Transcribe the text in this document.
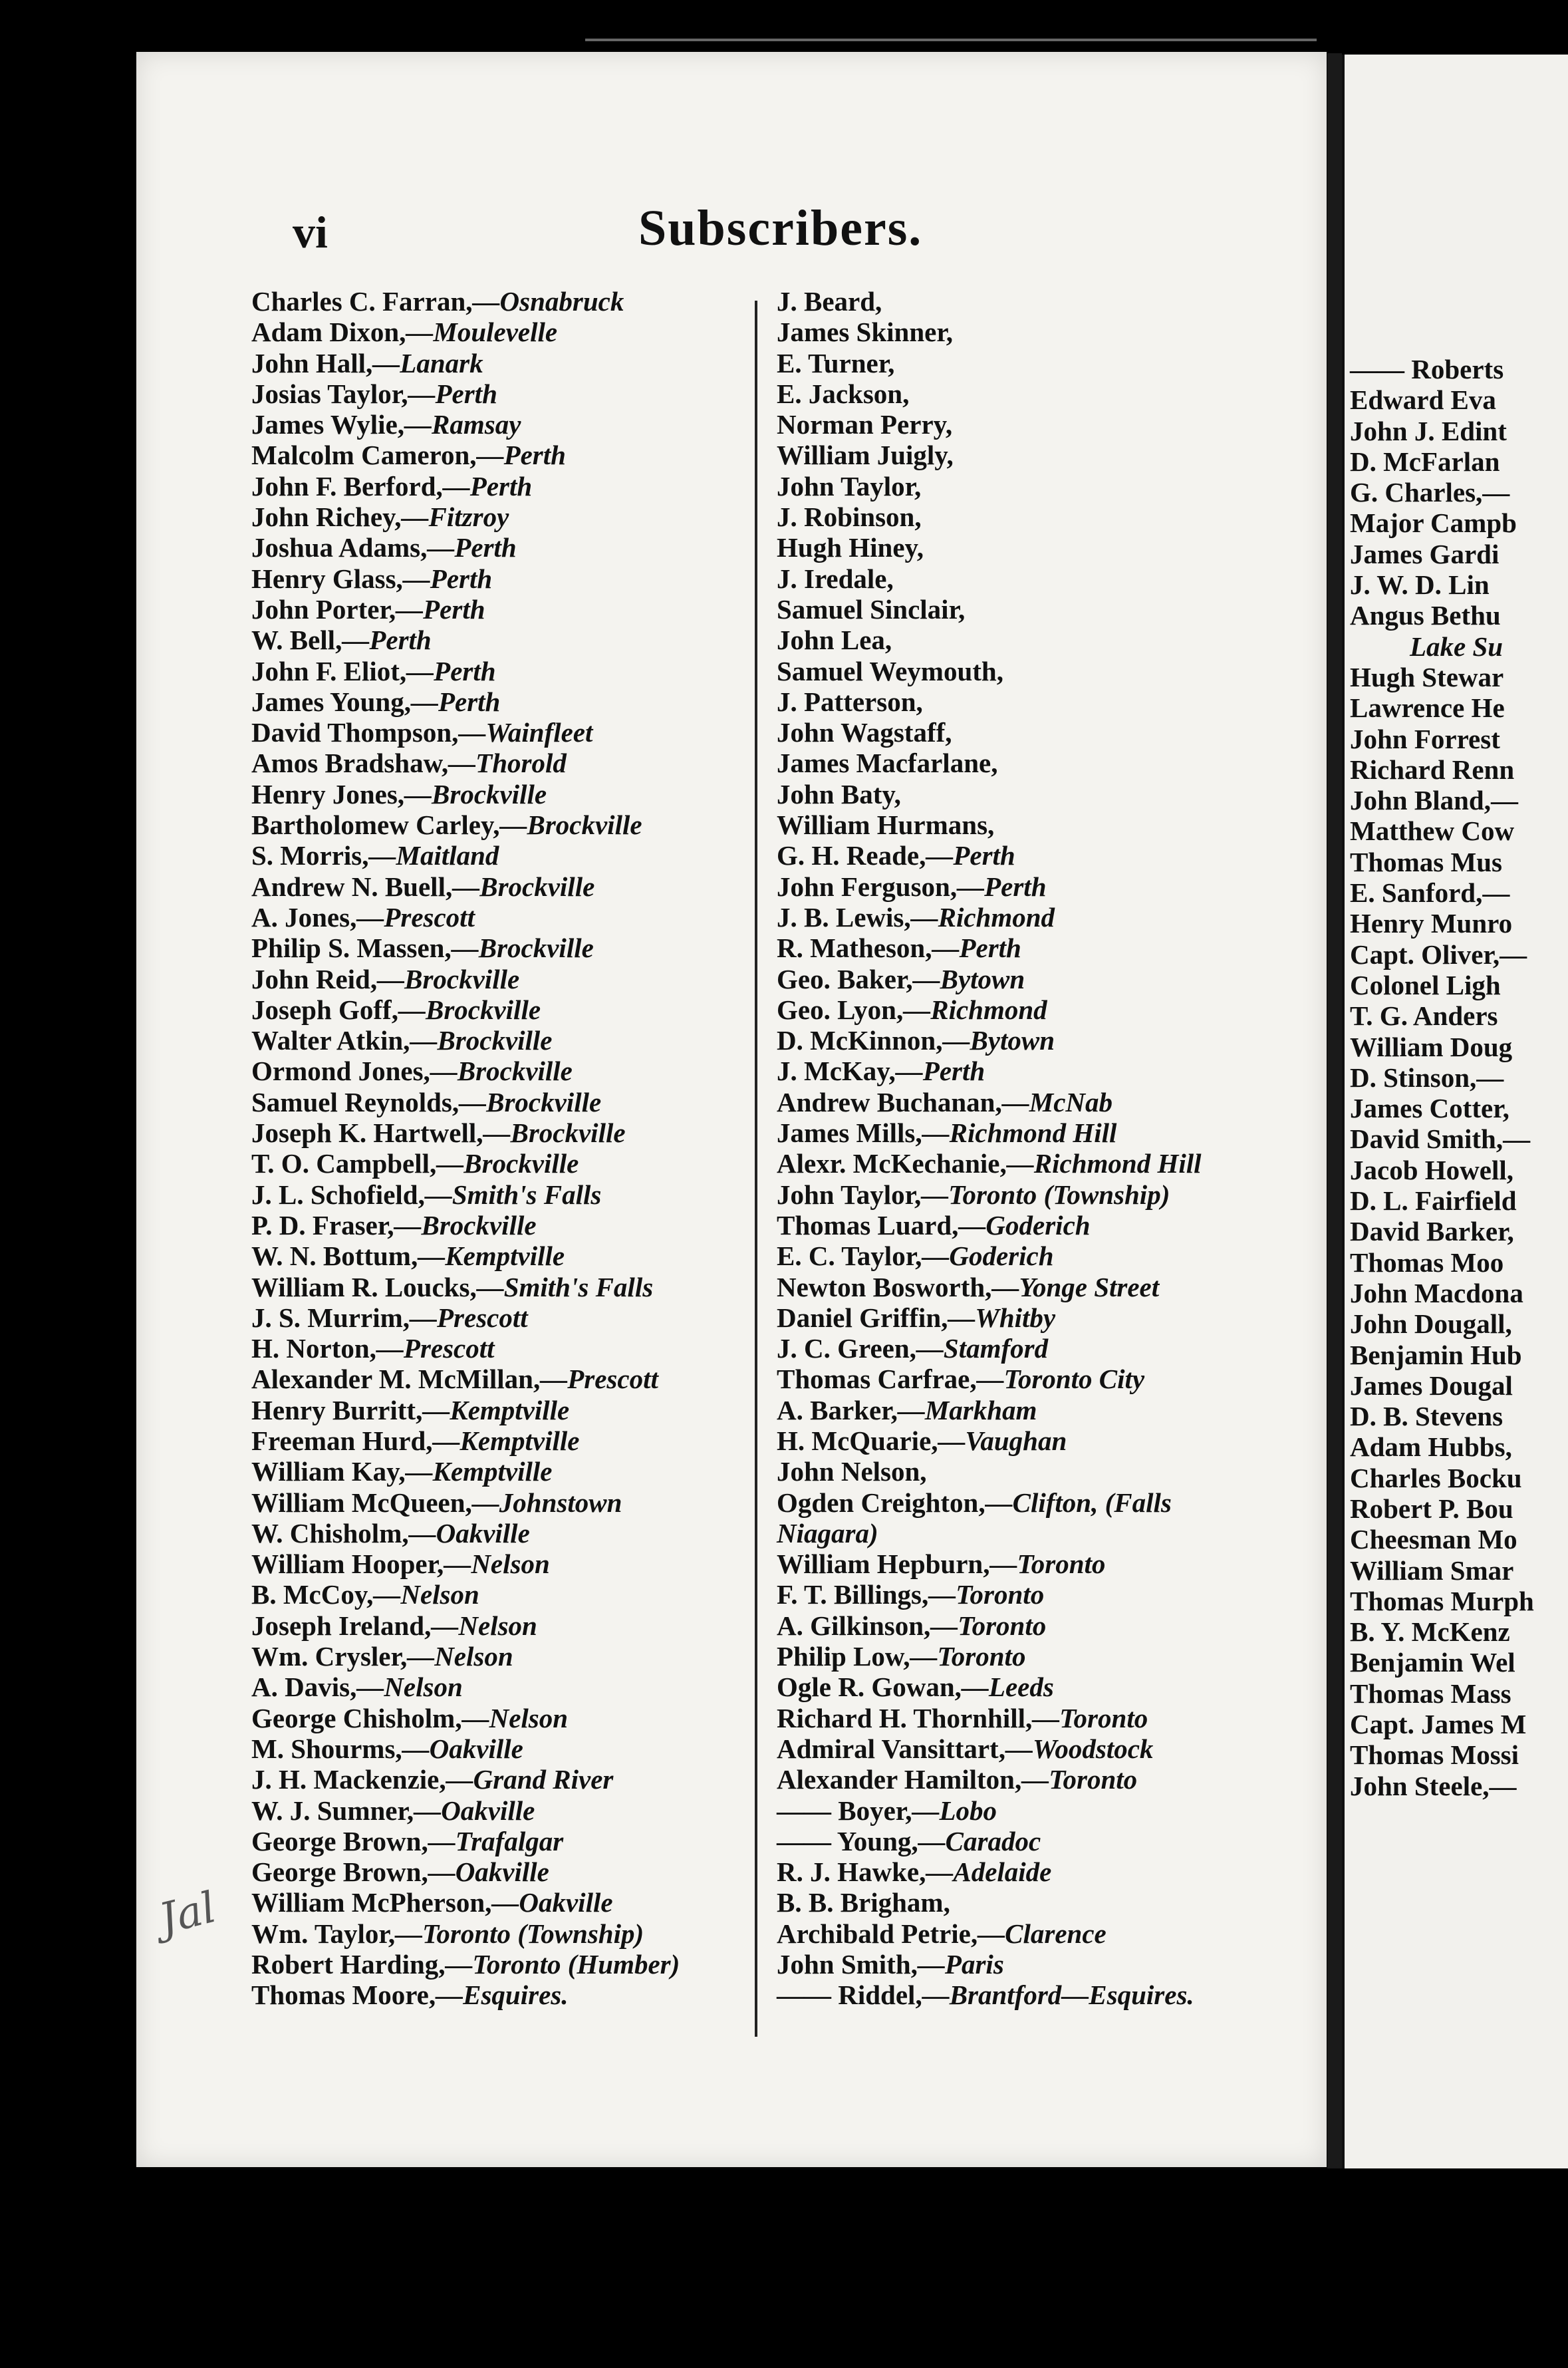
—— Roberts
Edward Eva
John J. Edint
D. McFarlan
G. Charles,—
Major Campb
James Gardi
J. W. D. Lin
Angus Bethu
Lake Su
Hugh Stewar
Lawrence He
John Forrest
Richard Renn
John Bland,—
Matthew Cow
Thomas Mus
E. Sanford,—
Henry Munro
Capt. Oliver,—
Colonel Ligh
T. G. Anders
William Doug
D. Stinson,—
James Cotter,
David Smith,—
Jacob Howell,
D. L. Fairfield
David Barker,
Thomas Moo
John Macdona
John Dougall,
Benjamin Hub
James Dougal
D. B. Stevens
Adam Hubbs,
Charles Bocku
Robert P. Bou
Cheesman Mo
William Smar
Thomas Murph
B. Y. McKenz
Benjamin Wel
Thomas Mass
Capt. James M
Thomas Mossi
John Steele,—
vi	Subscribers.
Charles C. Farran,—Osnabruck
Adam Dixon,—Moulevelle
John Hall,—Lanark
Josias Taylor,—Perth
James Wylie,—Ramsay
Malcolm Cameron,—Perth
John F. Berford,—Perth
John Richey,—Fitzroy
Joshua Adams,—Perth
Henry Glass,—Perth
John Porter,—Perth
W. Bell,—Perth
John F. Eliot,—Perth
James Young,—Perth
David Thompson,—Wainfleet
Amos Bradshaw,—Thorold
Henry Jones,—Brockville
Bartholomew Carley,—Brockville
S. Morris,—Maitland
Andrew N. Buell,—Brockville
A. Jones,—Prescott
Philip S. Massen,—Brockville
John Reid,—Brockville
Joseph Goff,—Brockville
Walter Atkin,—Brockville
Ormond Jones,—Brockville
Samuel Reynolds,—Brockville
Joseph K. Hartwell,—Brockville
T. O. Campbell,—Brockville
J. L. Schofield,—Smith's Falls
P. D. Fraser,—Brockville
W. N. Bottum,—Kemptville
William R. Loucks,—Smith's Falls
J. S. Murrim,—Prescott
H. Norton,—Prescott
Alexander M. McMillan,—Prescott
Henry Burritt,—Kemptville
Freeman Hurd,—Kemptville
William Kay,—Kemptville
William McQueen,—Johnstown
W. Chisholm,—Oakville
William Hooper,—Nelson
B. McCoy,—Nelson
Joseph Ireland,—Nelson
Wm. Crysler,—Nelson
A. Davis,—Nelson
George Chisholm,—Nelson
M. Shourms,—Oakville
J. H. Mackenzie,—Grand River
W. J. Sumner,—Oakville
George Brown,—Trafalgar
George Brown,—Oakville
William McPherson,—Oakville
Wm. Taylor,—Toronto (Township)
Robert Harding,—Toronto (Humber)
Thomas Moore,—Esquires.
J. Beard,
James Skinner,
E. Turner,
E. Jackson,
Norman Perry,
William Juigly,
John Taylor,
J. Robinson,
Hugh Hiney,
J. Iredale,
Samuel Sinclair,
John Lea,
Samuel Weymouth,
J. Patterson,
John Wagstaff,
James Macfarlane,
John Baty,
William Hurmans,
G. H. Reade,—Perth
John Ferguson,—Perth
J. B. Lewis,—Richmond
R. Matheson,—Perth
Geo. Baker,—Bytown
Geo. Lyon,—Richmond
D. McKinnon,—Bytown
J. McKay,—Perth
Andrew Buchanan,—McNab
James Mills,—Richmond Hill
Alexr. McKechanie,—Richmond Hill
John Taylor,—Toronto (Township)
Thomas Luard,—Goderich
E. C. Taylor,—Goderich
Newton Bosworth,—Yonge Street
Daniel Griffin,—Whitby
J. C. Green,—Stamford
Thomas Carfrae,—Toronto City
A. Barker,—Markham
H. McQuarie,—Vaughan
John Nelson,
Ogden Creighton,—Clifton, (Falls
Niagara)
William Hepburn,—Toronto
F. T. Billings,—Toronto
A. Gilkinson,—Toronto
Philip Low,—Toronto
Ogle R. Gowan,—Leeds
Richard H. Thornhill,—Toronto
Admiral Vansittart,—Woodstock
Alexander Hamilton,—Toronto
—— Boyer,—Lobo
—— Young,—Caradoc
R. J. Hawke,—Adelaide
B. B. Brigham,
Archibald Petrie,—Clarence
John Smith,—Paris
—— Riddel,—Brantford—Esquires.
Jal
